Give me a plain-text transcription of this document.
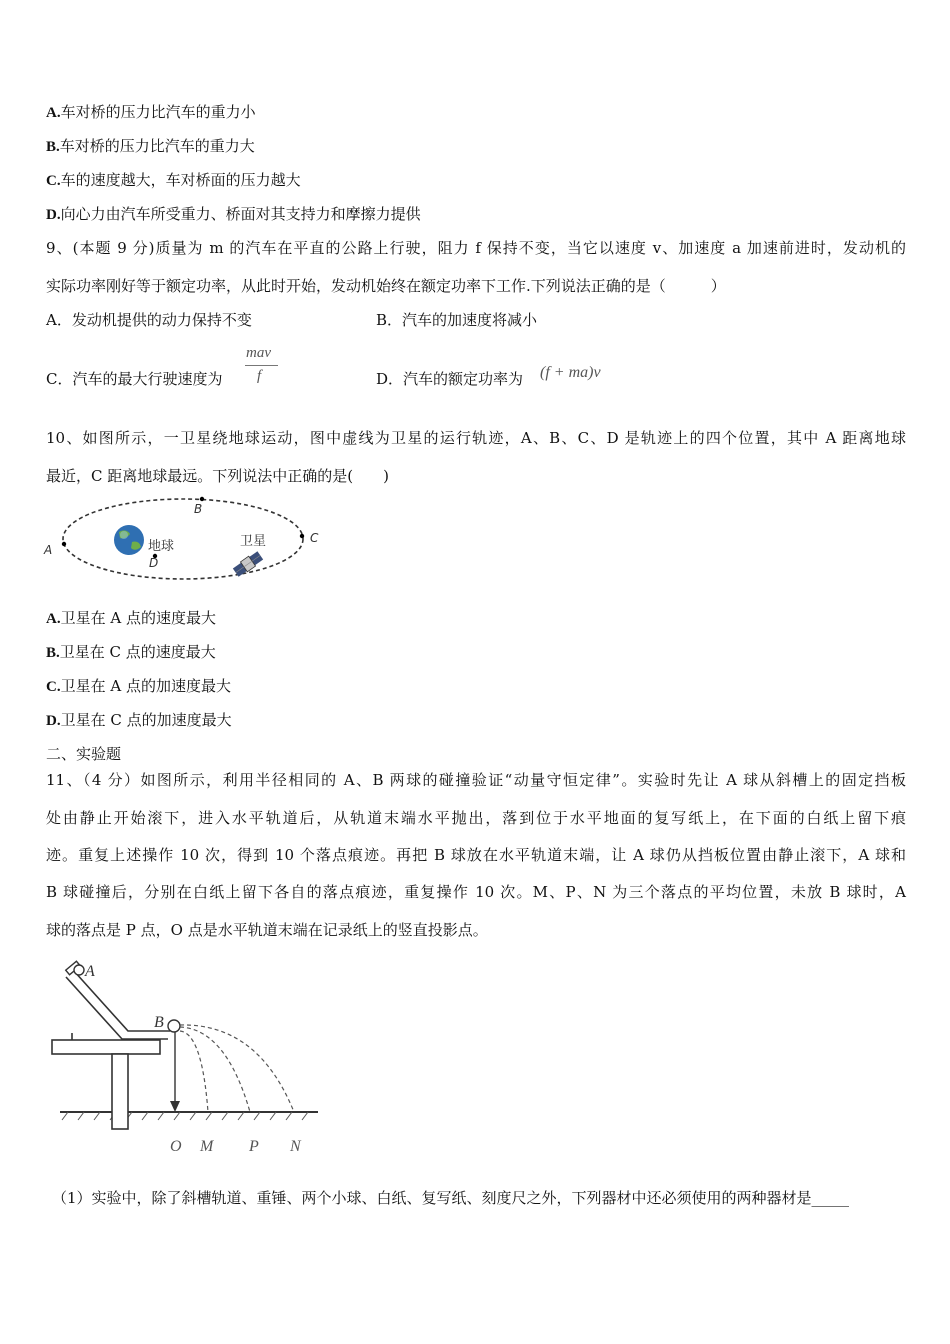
A.车对桥的压力比汽车的重力小
B.车对桥的压力比汽车的重力大
C.车的速度越大，车对桥面的压力越大
D.向心力由汽车所受重力、桥面对其支持力和摩擦力提供
9、(本题 9 分)质量为 m 的汽车在平直的公路上行驶，阻力 f 保持不变，当它以速度 v、加速度 a 加速前进时，发动机的
实际功率刚好等于额定功率，从此时开始，发动机始终在额定功率下工作.下列说法正确的是（　　　）
A．发动机提供的动力保持不变	B．汽车的加速度将减小
C．汽车的最大行驶速度为
mav
f	D．汽车的额定功率为 (f + ma)v
10、如图所示，一卫星绕地球运动，图中虚线为卫星的运行轨迹，A、B、C、D 是轨迹上的四个位置，其中 A 距离地球
最近，C 距离地球最远。下列说法中正确的是(　　)
地球
A
B
C
D
卫星
A.卫星在 A 点的速度最大
B.卫星在 C 点的速度最大
C.卫星在 A 点的加速度最大
D.卫星在 C 点的加速度最大
二、实验题
11、（4 分）如图所示，利用半径相同的 A、B 两球的碰撞验证“动量守恒定律”。实验时先让 A 球从斜槽上的固定挡板
处由静止开始滚下，进入水平轨道后，从轨道末端水平抛出，落到位于水平地面的复写纸上，在下面的白纸上留下痕
迹。重复上述操作 10 次，得到 10 个落点痕迹。再把 B 球放在水平轨道末端，让 A 球仍从挡板位置由静止滚下，A 球和
B 球碰撞后，分别在白纸上留下各自的落点痕迹，重复操作 10 次。M、P、N 为三个落点的平均位置，未放 B 球时，A
球的落点是 P 点，O 点是水平轨道末端在记录纸上的竖直投影点。
A
B
O M P N
（1）实验中，除了斜槽轨道、重锤、两个小球、白纸、复写纸、刻度尺之外，下列器材中还必须使用的两种器材是_____
